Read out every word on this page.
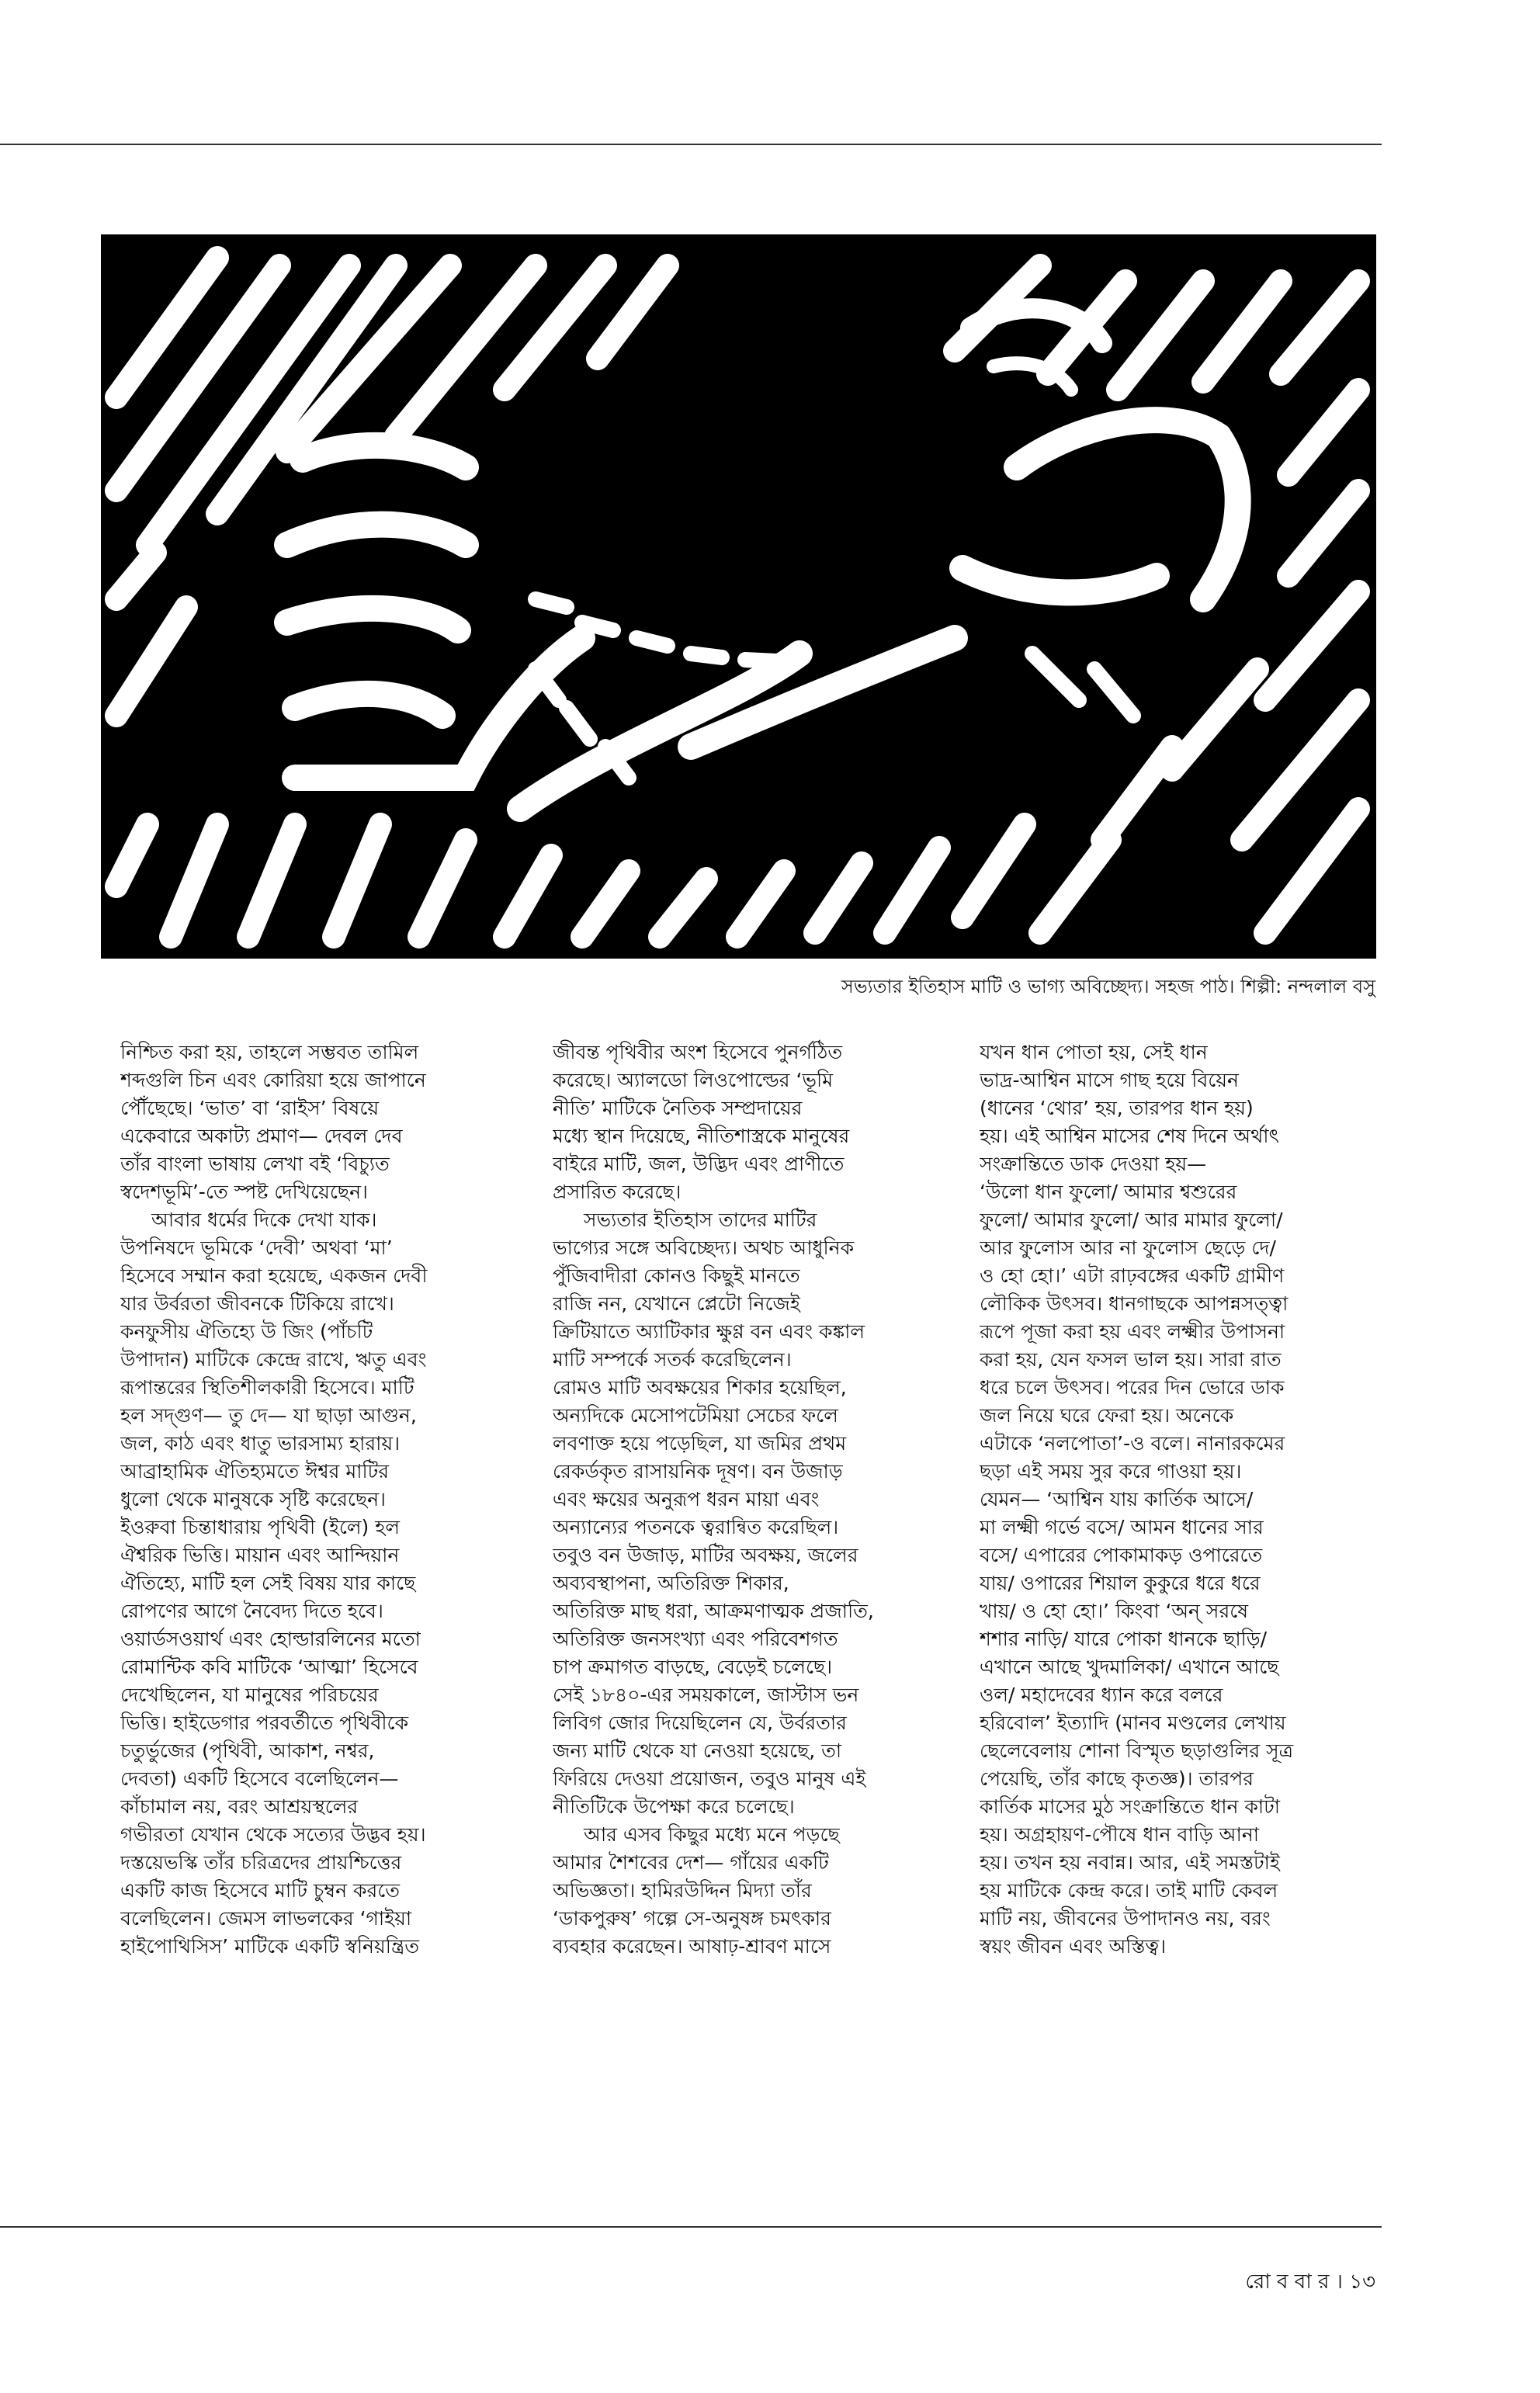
সভ্যতার ইতিহাস মাটি ও ভাগ্য অবিচ্ছেদ্য। সহজ পাঠ। শিল্পী: নন্দলাল বসু
নিশ্চিত করা হয়, তাহলে সম্ভবত তামিল
শব্দগুলি চিন এবং কোরিয়া হয়ে জাপানে
পৌঁছেছে। ‘ভাত’ বা ‘রাইস’ বিষয়ে
একেবারে অকাট্য প্রমাণ— দেবল দেব
তাঁর বাংলা ভাষায় লেখা বই ‘বিচ্যুত
স্বদেশভূমি’-তে স্পষ্ট দেখিয়েছেন।
আবার ধর্মের দিকে দেখা যাক।
উপনিষদে ভূমিকে ‘দেবী’ অথবা ‘মা’
হিসেবে সম্মান করা হয়েছে, একজন দেবী
যার উর্বরতা জীবনকে টিকিয়ে রাখে।
কনফুসীয় ঐতিহ্যে উ জিং (পাঁচটি
উপাদান) মাটিকে কেন্দ্রে রাখে, ঋতু এবং
রূপান্তরের স্থিতিশীলকারী হিসেবে। মাটি
হল সদ্গুণ— তু দে— যা ছাড়া আগুন,
জল, কাঠ এবং ধাতু ভারসাম্য হারায়।
আব্রাহামিক ঐতিহ্যমতে ঈশ্বর মাটির
ধুলো থেকে মানুষকে সৃষ্টি করেছেন।
ইওরুবা চিন্তাধারায় পৃথিবী (ইলে) হল
ঐশ্বরিক ভিত্তি। মায়ান এবং আন্দিয়ান
ঐতিহ্যে, মাটি হল সেই বিষয় যার কাছে
রোপণের আগে নৈবেদ্য দিতে হবে।
ওয়ার্ডসওয়ার্থ এবং হোল্ডারলিনের মতো
রোমান্টিক কবি মাটিকে ‘আত্মা’ হিসেবে
দেখেছিলেন, যা মানুষের পরিচয়ের
ভিত্তি। হাইডেগার পরবর্তীতে পৃথিবীকে
চতুর্ভুজের (পৃথিবী, আকাশ, নশ্বর,
দেবতা) একটি হিসেবে বলেছিলেন—
কাঁচামাল নয়, বরং আশ্রয়স্থলের
গভীরতা যেখান থেকে সত্যের উদ্ভব হয়।
দস্তয়েভস্কি তাঁর চরিত্রদের প্রায়শ্চিত্তের
একটি কাজ হিসেবে মাটি চুম্বন করতে
বলেছিলেন। জেমস লাভলকের ‘গাইয়া
হাইপোথিসিস’ মাটিকে একটি স্বনিয়ন্ত্রিত
জীবন্ত পৃথিবীর অংশ হিসেবে পুনর্গঠিত
করেছে। অ্যালডো লিওপোল্ডের ‘ভূমি
নীতি’ মাটিকে নৈতিক সম্প্রদায়ের
মধ্যে স্থান দিয়েছে, নীতিশাস্ত্রকে মানুষের
বাইরে মাটি, জল, উদ্ভিদ এবং প্রাণীতে
প্রসারিত করেছে।
সভ্যতার ইতিহাস তাদের মাটির
ভাগ্যের সঙ্গে অবিচ্ছেদ্য। অথচ আধুনিক
পুঁজিবাদীরা কোনও কিছুই মানতে
রাজি নন, যেখানে প্লেটো নিজেই
ক্রিটিয়াতে অ্যাটিকার ক্ষুণ্ণ বন এবং কঙ্কাল
মাটি সম্পর্কে সতর্ক করেছিলেন।
রোমও মাটি অবক্ষয়ের শিকার হয়েছিল,
অন্যদিকে মেসোপটেমিয়া সেচের ফলে
লবণাক্ত হয়ে পড়েছিল, যা জমির প্রথম
রেকর্ডকৃত রাসায়নিক দূষণ। বন উজাড়
এবং ক্ষয়ের অনুরূপ ধরন মায়া এবং
অন্যান্যের পতনকে ত্বরান্বিত করেছিল।
তবুও বন উজাড়, মাটির অবক্ষয়, জলের
অব্যবস্থাপনা, অতিরিক্ত শিকার,
অতিরিক্ত মাছ ধরা, আক্রমণাত্মক প্রজাতি,
অতিরিক্ত জনসংখ্যা এবং পরিবেশগত
চাপ ক্রমাগত বাড়ছে, বেড়েই চলেছে।
সেই ১৮৪০-এর সময়কালে, জাস্টাস ভন
লিবিগ জোর দিয়েছিলেন যে, উর্বরতার
জন্য মাটি থেকে যা নেওয়া হয়েছে, তা
ফিরিয়ে দেওয়া প্রয়োজন, তবুও মানুষ এই
নীতিটিকে উপেক্ষা করে চলেছে।
আর এসব কিছুর মধ্যে মনে পড়ছে
আমার শৈশবের দেশ— গাঁয়ের একটি
অভিজ্ঞতা। হামিরউদ্দিন মিদ্যা তাঁর
‘ডাকপুরুষ’ গল্পে সে-অনুষঙ্গ চমৎকার
ব্যবহার করেছেন। আষাঢ়-শ্রাবণ মাসে
যখন ধান পোতা হয়, সেই ধান
ভাদ্র-আশ্বিন মাসে গাছ হয়ে বিয়েন
(ধানের ‘থোর’ হয়, তারপর ধান হয়)
হয়। এই আশ্বিন মাসের শেষ দিনে অর্থাৎ
সংক্রান্তিতে ডাক দেওয়া হয়—
‘উলো ধান ফুলো/ আমার শ্বশুরের
ফুলো/ আমার ফুলো/ আর মামার ফুলো/
আর ফুলোস আর না ফুলোস ছেড়ে দে/
ও হো হো।’ এটা রাঢ়বঙ্গের একটি গ্রামীণ
লৌকিক উৎসব। ধানগাছকে আপন্নসত্ত্বা
রূপে পূজা করা হয় এবং লক্ষ্মীর উপাসনা
করা হয়, যেন ফসল ভাল হয়। সারা রাত
ধরে চলে উৎসব। পরের দিন ভোরে ডাক
জল নিয়ে ঘরে ফেরা হয়। অনেকে
এটাকে ‘নলপোতা’-ও বলে। নানারকমের
ছড়া এই সময় সুর করে গাওয়া হয়।
যেমন— ‘আশ্বিন যায় কার্তিক আসে/
মা লক্ষ্মী গর্ভে বসে/ আমন ধানের সার
বসে/ এপারের পোকামাকড় ওপারেতে
যায়/ ওপারের শিয়াল কুকুরে ধরে ধরে
খায়/ ও হো হো।’ কিংবা ‘অন্ সরষে
শশার নাড়ি/ যারে পোকা ধানকে ছাড়ি/
এখানে আছে খুদমালিকা/ এখানে আছে
ওল/ মহাদেবের ধ্যান করে বলরে
হরিবোল’ ইত্যাদি (মানব মণ্ডলের লেখায়
ছেলেবেলায় শোনা বিস্মৃত ছড়াগুলির সূত্র
পেয়েছি, তাঁর কাছে কৃতজ্ঞ)। তারপর
কার্তিক মাসের মুঠ সংক্রান্তিতে ধান কাটা
হয়। অগ্রহায়ণ-পৌষে ধান বাড়ি আনা
হয়। তখন হয় নবান্ন। আর, এই সমস্তটাই
হয় মাটিকে কেন্দ্র করে। তাই মাটি কেবল
মাটি নয়, জীবনের উপাদানও নয়, বরং
স্বয়ং জীবন এবং অস্তিত্ব।
রো ব বা র । ১৩
